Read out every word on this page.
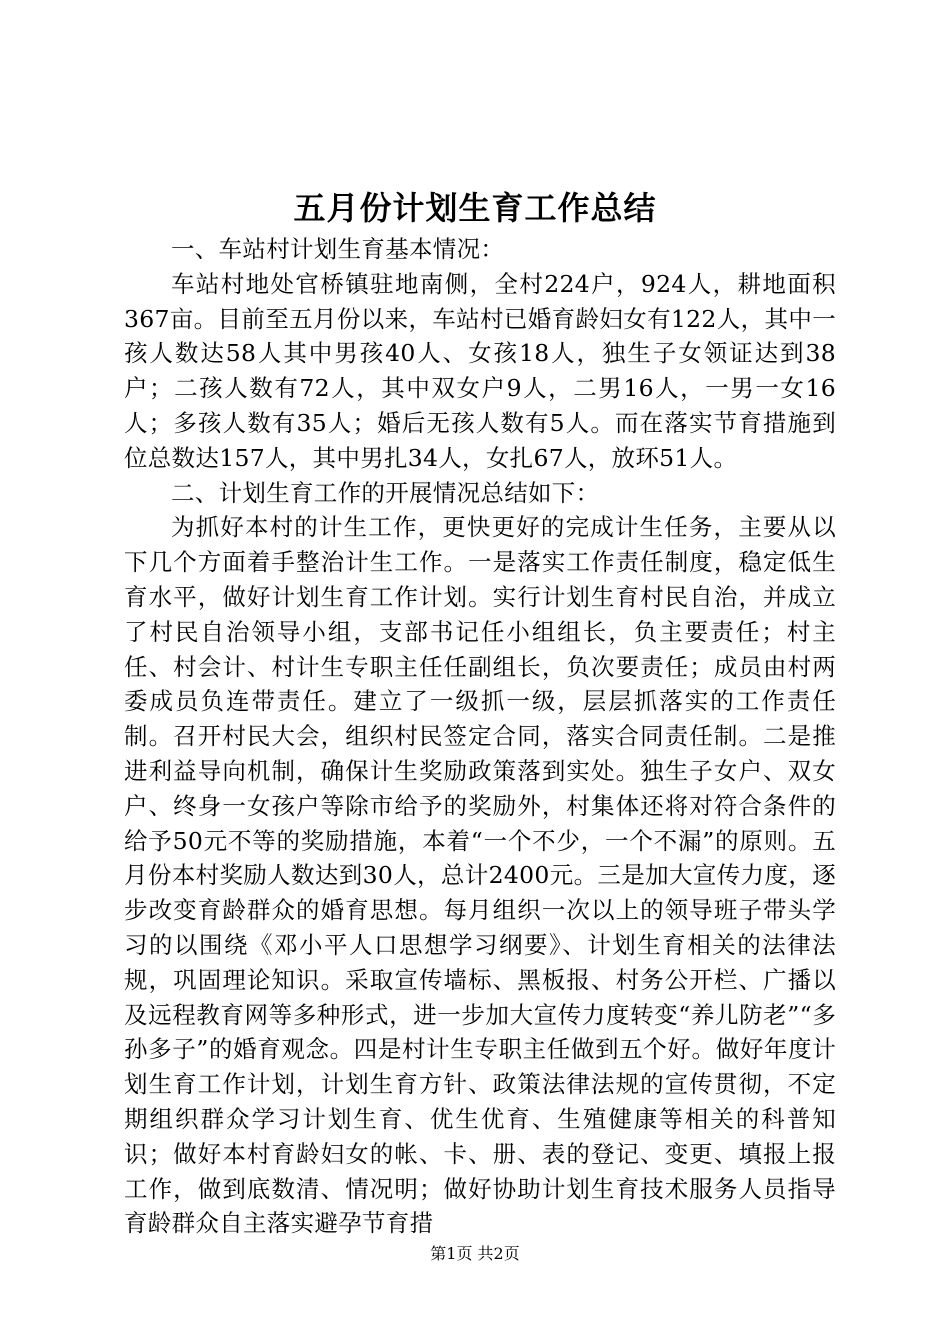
五月份计划生育工作总结

一、车站村计划生育基本情况：

车站村地处官桥镇驻地南侧，全村224户，924人，耕地面积367亩。目前至五月份以来，车站村已婚育龄妇女有122人，其中一孩人数达58人其中男孩40人、女孩18人，独生子女领证达到38户；二孩人数有72人，其中双女户9人，二男16人，一男一女16人；多孩人数有35人；婚后无孩人数有5人。而在落实节育措施到位总数达157人，其中男扎34人，女扎67人，放环51人。

二、计划生育工作的开展情况总结如下：

为抓好本村的计生工作，更快更好的完成计生任务，主要从以下几个方面着手整治计生工作。一是落实工作责任制度，稳定低生育水平，做好计划生育工作计划。实行计划生育村民自治，并成立了村民自治领导小组，支部书记任小组组长，负主要责任；村主任、村会计、村计生专职主任任副组长，负次要责任；成员由村两委成员负连带责任。建立了一级抓一级，层层抓落实的工作责任制。召开村民大会，组织村民签定合同，落实合同责任制。二是推进利益导向机制，确保计生奖励政策落到实处。独生子女户、双女户、终身一女孩户等除市给予的奖励外，村集体还将对符合条件的给予50元不等的奖励措施，本着“一个不少，一个不漏”的原则。五月份本村奖励人数达到30人，总计2400元。三是加大宣传力度，逐步改变育龄群众的婚育思想。每月组织一次以上的领导班子带头学习的以围绕《邓小平人口思想学习纲要》、计划生育相关的法律法规，巩固理论知识。采取宣传墙标、黑板报、村务公开栏、广播以及远程教育网等多种形式，进一步加大宣传力度转变“养儿防老”“多孙多子”的婚育观念。四是村计生专职主任做到五个好。做好年度计划生育工作计划，计划生育方针、政策法律法规的宣传贯彻，不定期组织群众学习计划生育、优生优育、生殖健康等相关的科普知识；做好本村育龄妇女的帐、卡、册、表的登记、变更、填报上报工作，做到底数清、情况明；做好协助计划生育技术服务人员指导育龄群众自主落实避孕节育措

第1页 共2页
